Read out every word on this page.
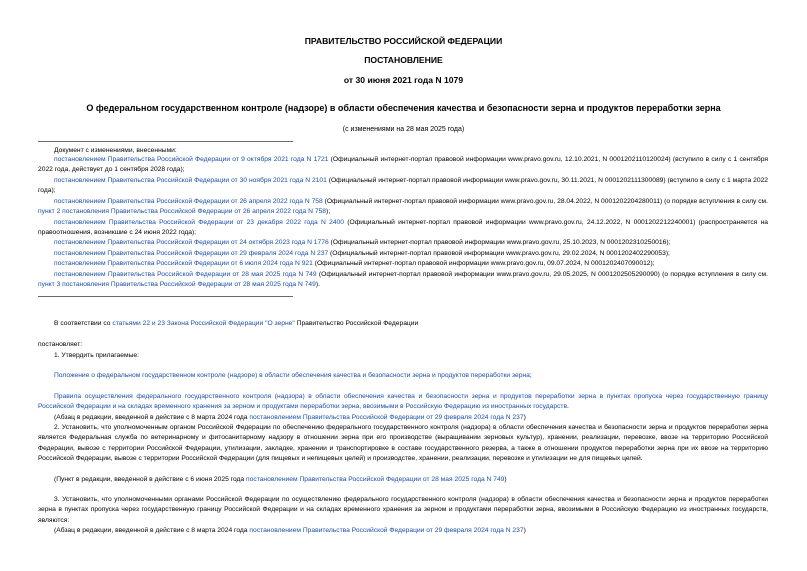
ПРАВИТЕЛЬСТВО РОССИЙСКОЙ ФЕДЕРАЦИИ
ПОСТАНОВЛЕНИЕ
от 30 июня 2021 года N 1079
О федеральном государственном контроле (надзоре) в области обеспечения качества и безопасности зерна и продуктов переработки зерна
(с изменениями на 28 мая 2025 года)
Документ с изменениями, внесенными:
постановлением Правительства Российской Федерации от 9 октября 2021 года N 1721 (Официальный интернет-портал правовой информации www.pravo.gov.ru, 12.10.2021, N 0001202110120024) (вступило в силу с 1 сентября 2022 года, действует до 1 сентября 2028 года);
постановлением Правительства Российской Федерации от 30 ноября 2021 года N 2101 (Официальный интернет-портал правовой информации www.pravo.gov.ru, 30.11.2021, N 0001202111300089) (вступило в силу с 1 марта 2022 года);
постановлением Правительства Российской Федерации от 26 апреля 2022 года N 758 (Официальный интернет-портал правовой информации www.pravo.gov.ru, 28.04.2022, N 0001202204280011) (о порядке вступления в силу см. пункт 2 постановления Правительства Российской Федерации от 26 апреля 2022 года N 758);
постановлением Правительства Российской Федерации от 23 декабря 2022 года N 2400 (Официальный интернет-портал правовой информации www.pravo.gov.ru, 24.12.2022, N 0001202212240001) (распространяется на правоотношения, возникшие с 24 июня 2022 года);
постановлением Правительства Российской Федерации от 24 октября 2023 года N 1776 (Официальный интернет-портал правовой информации www.pravo.gov.ru, 25.10.2023, N 0001202310250016);
постановлением Правительства Российской Федерации от 29 февраля 2024 года N 237 (Официальный интернет-портал правовой информации www.pravo.gov.ru, 29.02.2024, N 0001202402290053);
постановлением Правительства Российской Федерации от 6 июля 2024 года N 921 (Официальный интернет-портал правовой информации www.pravo.gov.ru, 09.07.2024, N 0001202407090012);
постановлением Правительства Российской Федерации от 28 мая 2025 года N 749 (Официальный интернет-портал правовой информации www.pravo.gov.ru, 29.05.2025, N 0001202505290090) (о порядке вступления в силу см. пункт 3 постановления Правительства Российской Федерации от 28 мая 2025 года N 749).
В соответствии со статьями 22 и 23 Закона Российской Федерации "О зерне" Правительство Российской Федерации
постановляет:
1. Утвердить прилагаемые:
Положение о федеральном государственном контроле (надзоре) в области обеспечения качества и безопасности зерна и продуктов переработки зерна;
Правила осуществления федерального государственного контроля (надзора) в области обеспечения качества и безопасности зерна и продуктов переработки зерна в пунктах пропуска через государственную границу Российской Федерации и на складах временного хранения за зерном и продуктами переработки зерна, ввозимыми в Российскую Федерацию из иностранных государств.
(Абзац в редакции, введенной в действие с 8 марта 2024 года постановлением Правительства Российской Федерации от 29 февраля 2024 года N 237)
2. Установить, что уполномоченным органом Российской Федерации по обеспечению федерального государственного контроля (надзора) в области обеспечения качества и безопасности зерна и продуктов переработки зерна является Федеральная служба по ветеринарному и фитосанитарному надзору в отношении зерна при его производстве (выращивании зерновых культур), хранении, реализации, перевозке, ввозе на территорию Российской Федерации, вывозе с территории Российской Федерации, утилизации, закладке, хранении и транспортировке в составе государственного резерва, а также в отношении продуктов переработки зерна при их ввозе на территорию Российской Федерации, вывозе с территории Российской Федерации (для пищевых и непищевых целей) и производстве, хранении, реализации, перевозке и утилизации не для пищевых целей.
(Пункт в редакции, введенной в действие с 6 июня 2025 года постановлением Правительства Российской Федерации от 28 мая 2025 года N 749)
3. Установить, что уполномоченными органами Российской Федерации по осуществлению федерального государственного контроля (надзора) в области обеспечения качества и безопасности зерна и продуктов переработки зерна в пунктах пропуска через государственную границу Российской Федерации и на складах временного хранения за зерном и продуктами переработки зерна, ввозимыми в Российскую Федерацию из иностранных государств, являются:
(Абзац в редакции, введенной в действие с 8 марта 2024 года постановлением Правительства Российской Федерации от 29 февраля 2024 года N 237)
